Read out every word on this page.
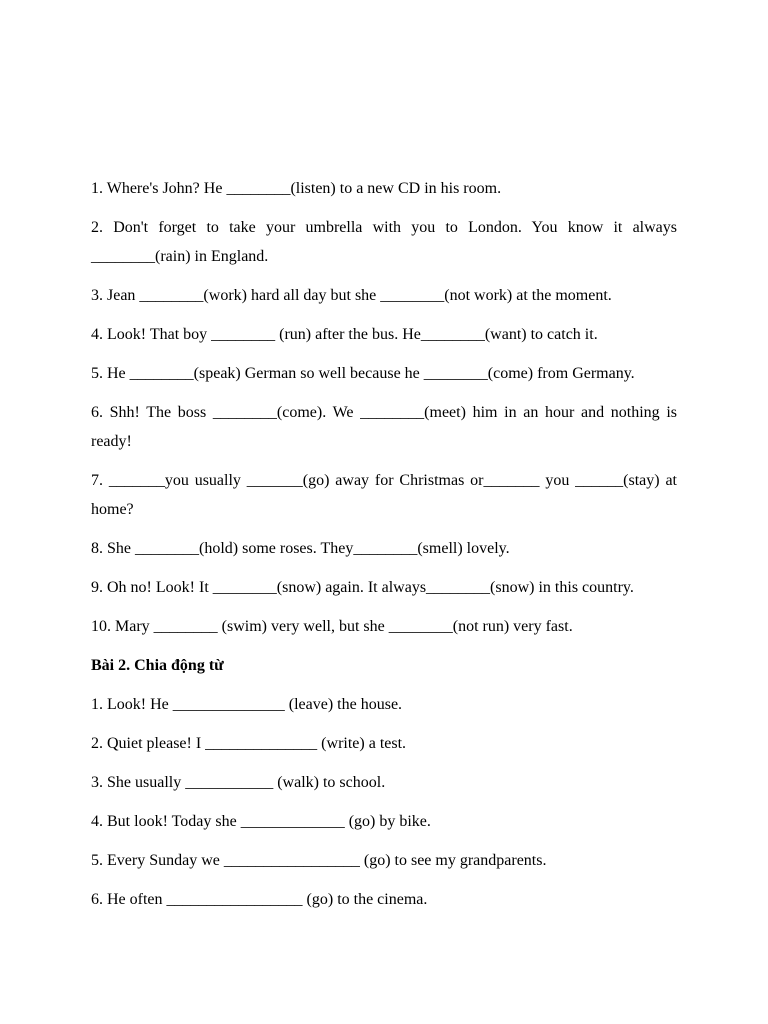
1. Where's John? He ________(listen) to a new CD in his room.

2. Don't forget to take your umbrella with you to London. You know it always ________(rain) in England.

3. Jean ________(work) hard all day but she ________(not work) at the moment.

4. Look! That boy ________ (run) after the bus. He________(want) to catch it.

5. He ________(speak) German so well because he ________(come) from Germany.

6. Shh! The boss ________(come). We ________(meet) him in an hour and nothing is ready!

7. _______you usually _______(go) away for Christmas or_______ you ______(stay) at home?

8. She ________(hold) some roses. They________(smell) lovely.

9. Oh no! Look! It ________(snow) again. It always________(snow) in this country.

10. Mary ________ (swim) very well, but she ________(not run) very fast.

Bài 2. Chia động từ

1. Look! He ______________ (leave) the house.

2. Quiet please! I ______________ (write) a test.

3. She usually ___________ (walk) to school.

4. But look! Today she _____________ (go) by bike.

5. Every Sunday we _________________ (go) to see my grandparents.

6. He often _________________ (go) to the cinema.
